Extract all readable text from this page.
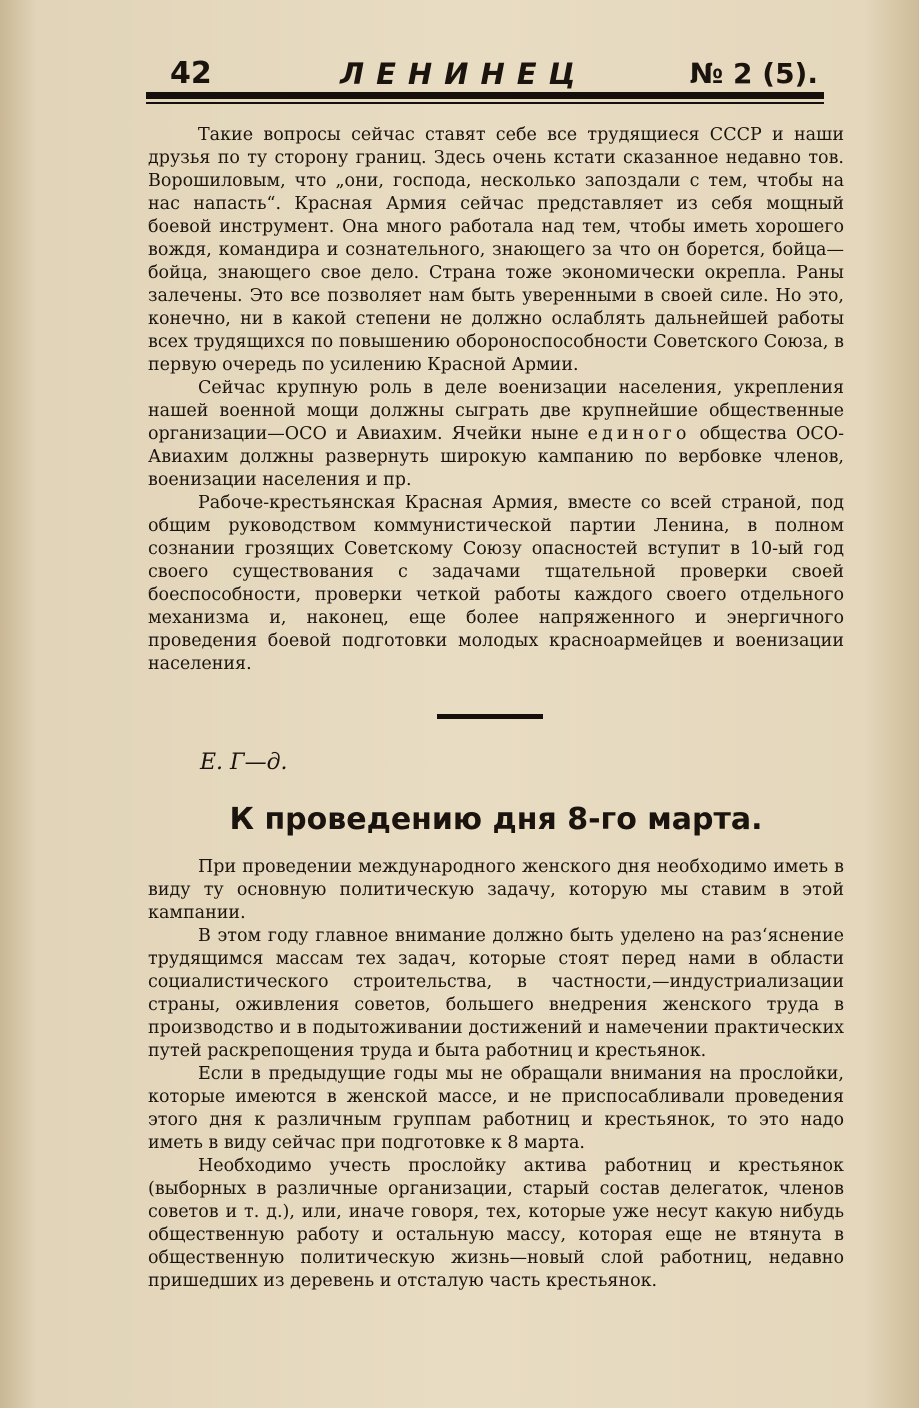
42	ЛЕНИНЕЦ	№ 2 (5).

Такие вопросы сейчас ставят себе все трудящиеся СССР и наши друзья по ту сторону границ. Здесь очень кстати сказанное недавно тов. Ворошиловым, что „они, господа, несколько запоздали с тем, чтобы на нас напасть“. Красная Армия сейчас представляет из себя мощный боевой инструмент. Она много работала над тем, чтобы иметь хорошего вождя, командира и сознательного, знающего за что он борется, бойца—бойца, знающего свое дело. Страна тоже экономически окрепла. Раны залечены. Это все позволяет нам быть уверенными в своей силе. Но это, конечно, ни в какой степени не должно ослаблять дальнейшей работы всех трудящихся по повышению обороноспособности Советского Союза, в первую очередь по усилению Красной Армии.

Сейчас крупную роль в деле военизации населения, укрепления нашей военной мощи должны сыграть две крупнейшие общественные организации—ОСО и Авиахим. Ячейки ныне единого общества ОСО-Авиахим должны развернуть широкую кампанию по вербовке членов, военизации населения и пр.

Рабоче-крестьянская Красная Армия, вместе со всей страной, под общим руководством коммунистической партии Ленина, в полном сознании грозящих Советскому Союзу опасностей вступит в 10-ый год своего существования с задачами тщательной проверки своей боеспособности, проверки четкой работы каждого своего отдельного механизма и, наконец, еще более напряженного и энергичного проведения боевой подготовки молодых красноармейцев и военизации населения.

Е. Г—д.
К проведению дня 8-го марта.

При проведении международного женского дня необходимо иметь в виду ту основную политическую задачу, которую мы ставим в этой кампании.

В этом году главное внимание должно быть уделено на раз‘яснение трудящимся массам тех задач, которые стоят перед нами в области социалистического строительства, в частности,—индустриализации страны, оживления советов, большего внедрения женского труда в производство и в подытоживании достижений и намечении практических путей раскрепощения труда и быта работниц и крестьянок.

Если в предыдущие годы мы не обращали внимания на прослойки, которые имеются в женской массе, и не приспосабливали проведения этого дня к различным группам работниц и крестьянок, то это надо иметь в виду сейчас при подготовке к 8 марта.

Необходимо учесть прослойку актива работниц и крестьянок (выборных в различные организации, старый состав делегаток, членов советов и т. д.), или, иначе говоря, тех, которые уже несут какую нибудь общественную работу и остальную массу, которая еще не втянута в общественную политическую жизнь—новый слой работниц, недавно пришедших из деревень и отсталую часть крестьянок.
